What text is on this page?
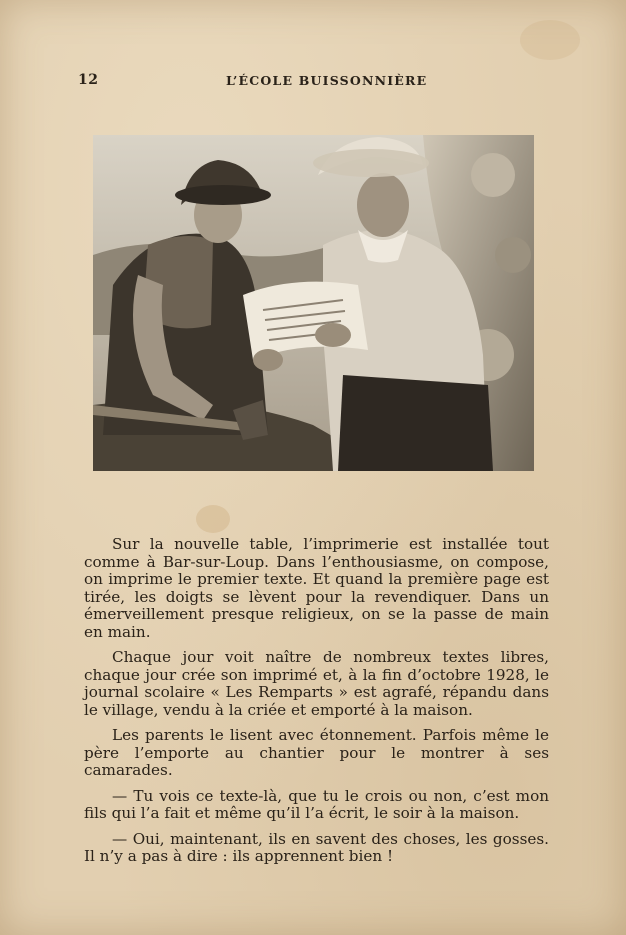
12	L’ÉCOLE BUISSONNIÈRE

Sur la nouvelle table, l’imprimerie est installée tout comme à Bar-sur-Loup. Dans l’enthousiasme, on compose, on imprime le premier texte. Et quand la première page est tirée, les doigts se lèvent pour la revendiquer. Dans un émerveillement presque religieux, on se la passe de main en main.

Chaque jour voit naître de nombreux textes libres, chaque jour crée son imprimé et, à la fin d’octobre 1928, le journal scolaire « Les Remparts » est agrafé, répandu dans le village, vendu à la criée et emporté à la maison.

Les parents le lisent avec étonnement. Parfois même le père l’emporte au chantier pour le montrer à ses camarades.

— Tu vois ce texte-là, que tu le crois ou non, c’est mon fils qui l’a fait et même qu’il l’a écrit, le soir à la maison.

— Oui, maintenant, ils en savent des choses, les gosses. Il n’y a pas à dire : ils apprennent bien !
